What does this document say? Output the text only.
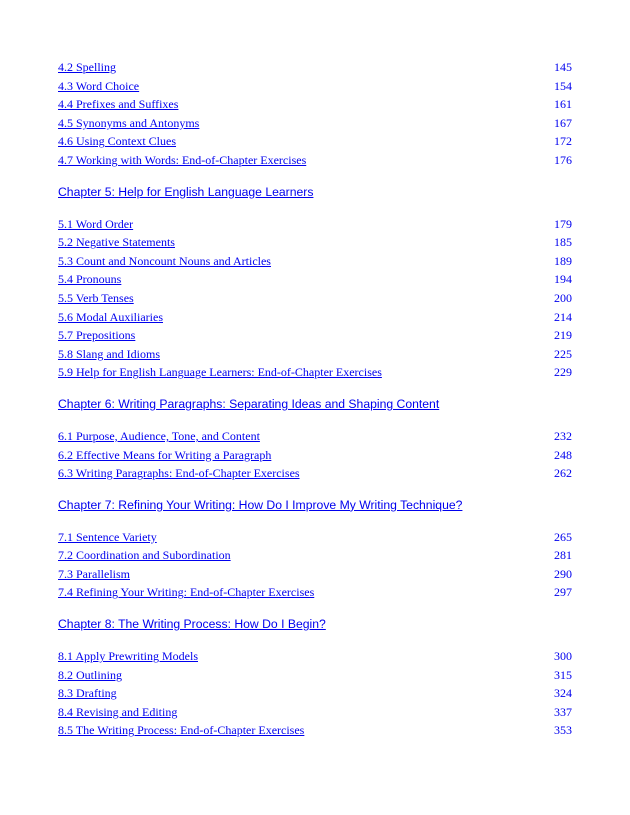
4.2 Spelling	145
4.3 Word Choice	154
4.4 Prefixes and Suffixes	161
4.5 Synonyms and Antonyms	167
4.6 Using Context Clues	172
4.7 Working with Words: End-of-Chapter Exercises	176
Chapter 5: Help for English Language Learners
5.1 Word Order	179
5.2 Negative Statements	185
5.3 Count and Noncount Nouns and Articles	189
5.4 Pronouns	194
5.5 Verb Tenses	200
5.6 Modal Auxiliaries	214
5.7 Prepositions	219
5.8 Slang and Idioms	225
5.9 Help for English Language Learners: End-of-Chapter Exercises	229
Chapter 6: Writing Paragraphs: Separating Ideas and Shaping Content
6.1 Purpose, Audience, Tone, and Content	232
6.2 Effective Means for Writing a Paragraph	248
6.3 Writing Paragraphs: End-of-Chapter Exercises	262
Chapter 7: Refining Your Writing: How Do I Improve My Writing Technique?
7.1 Sentence Variety	265
7.2 Coordination and Subordination	281
7.3 Parallelism	290
7.4 Refining Your Writing: End-of-Chapter Exercises	297
Chapter 8: The Writing Process: How Do I Begin?
8.1 Apply Prewriting Models	300
8.2 Outlining	315
8.3 Drafting	324
8.4 Revising and Editing	337
8.5 The Writing Process: End-of-Chapter Exercises	353
